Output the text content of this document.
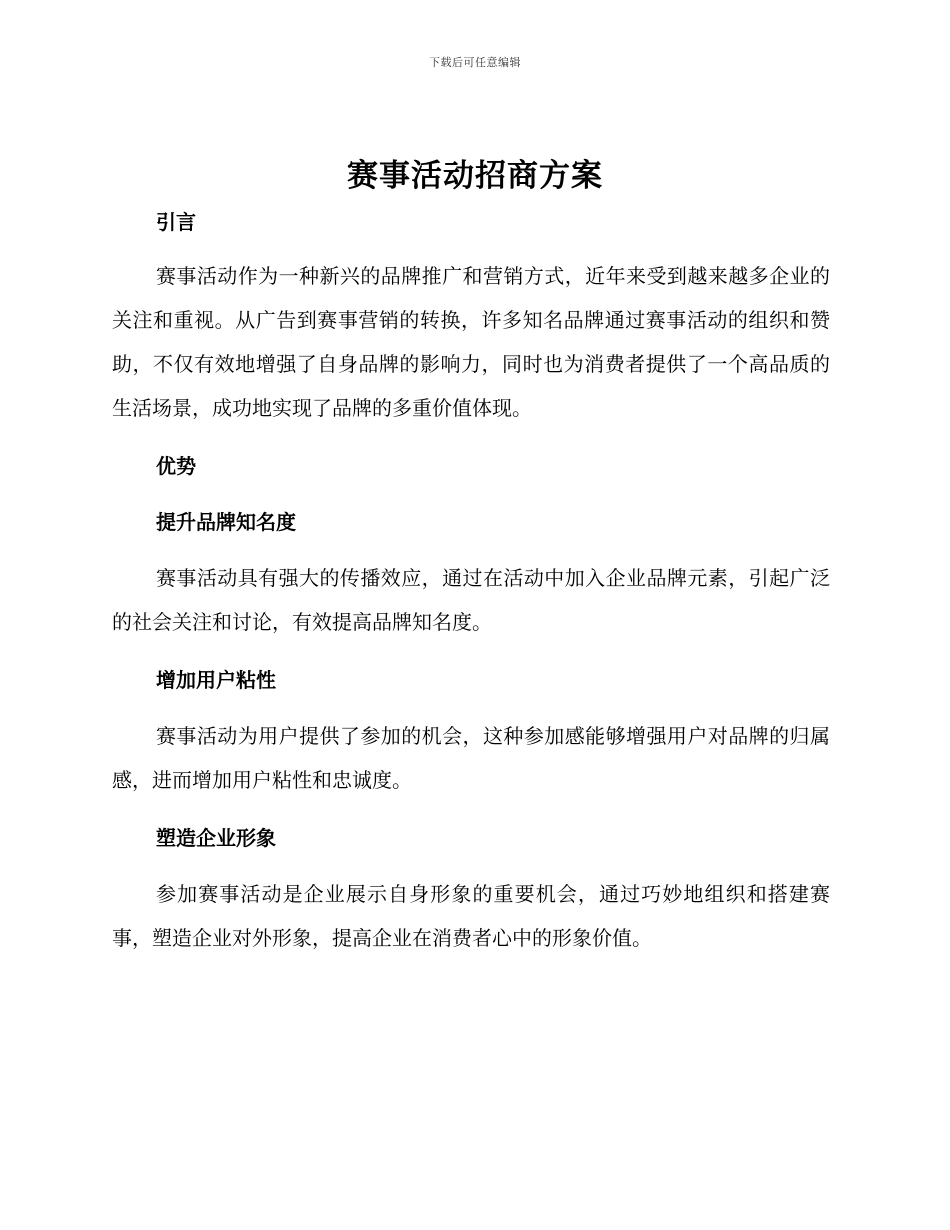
下载后可任意编辑
赛事活动招商方案
引言

赛事活动作为一种新兴的品牌推广和营销方式，近年来受到越来越多企业的关注和重视。从广告到赛事营销的转换，许多知名品牌通过赛事活动的组织和赞助，不仅有效地增强了自身品牌的影响力，同时也为消费者提供了一个高品质的生活场景，成功地实现了品牌的多重价值体现。

优势
提升品牌知名度

赛事活动具有强大的传播效应，通过在活动中加入企业品牌元素，引起广泛的社会关注和讨论，有效提高品牌知名度。

增加用户粘性

赛事活动为用户提供了参加的机会，这种参加感能够增强用户对品牌的归属感，进而增加用户粘性和忠诚度。

塑造企业形象

参加赛事活动是企业展示自身形象的重要机会，通过巧妙地组织和搭建赛事，塑造企业对外形象，提高企业在消费者心中的形象价值。
